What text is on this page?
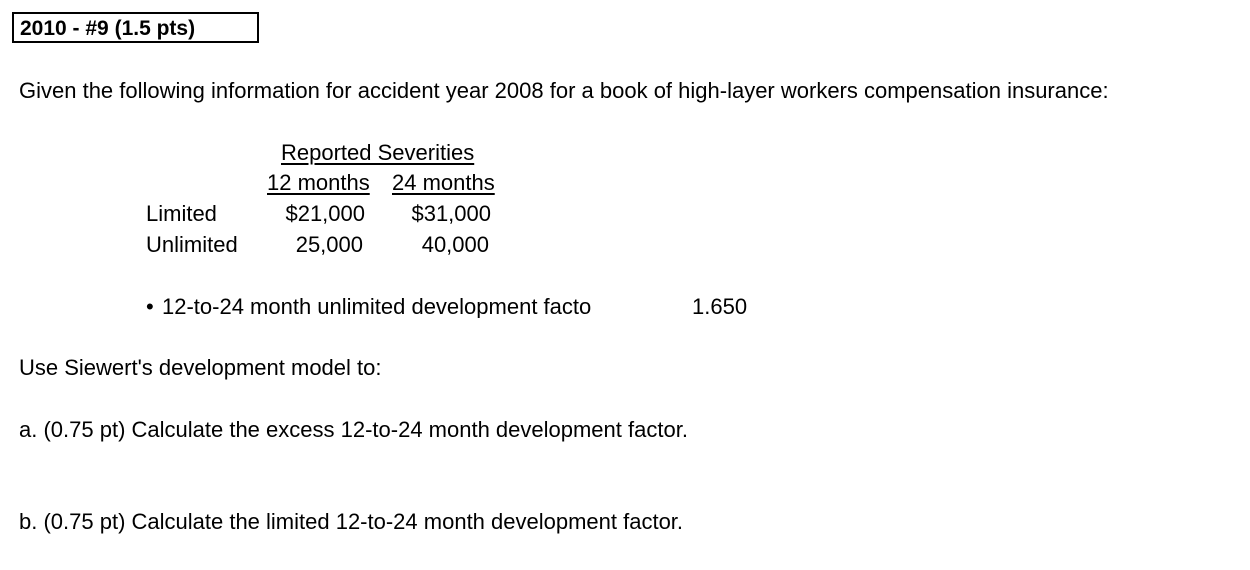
2010 - #9 (1.5 pts)
Given the following information for accident year 2008 for a book of high-layer workers compensation insurance:
Reported Severities
12 months 24 months
Limited	$21,000	$31,000
Unlimited	25,000	40,000
• 12-to-24 month unlimited development facto	1.650
Use Siewert's development model to:
a. (0.75 pt) Calculate the excess 12-to-24 month development factor.
b. (0.75 pt) Calculate the limited 12-to-24 month development factor.
